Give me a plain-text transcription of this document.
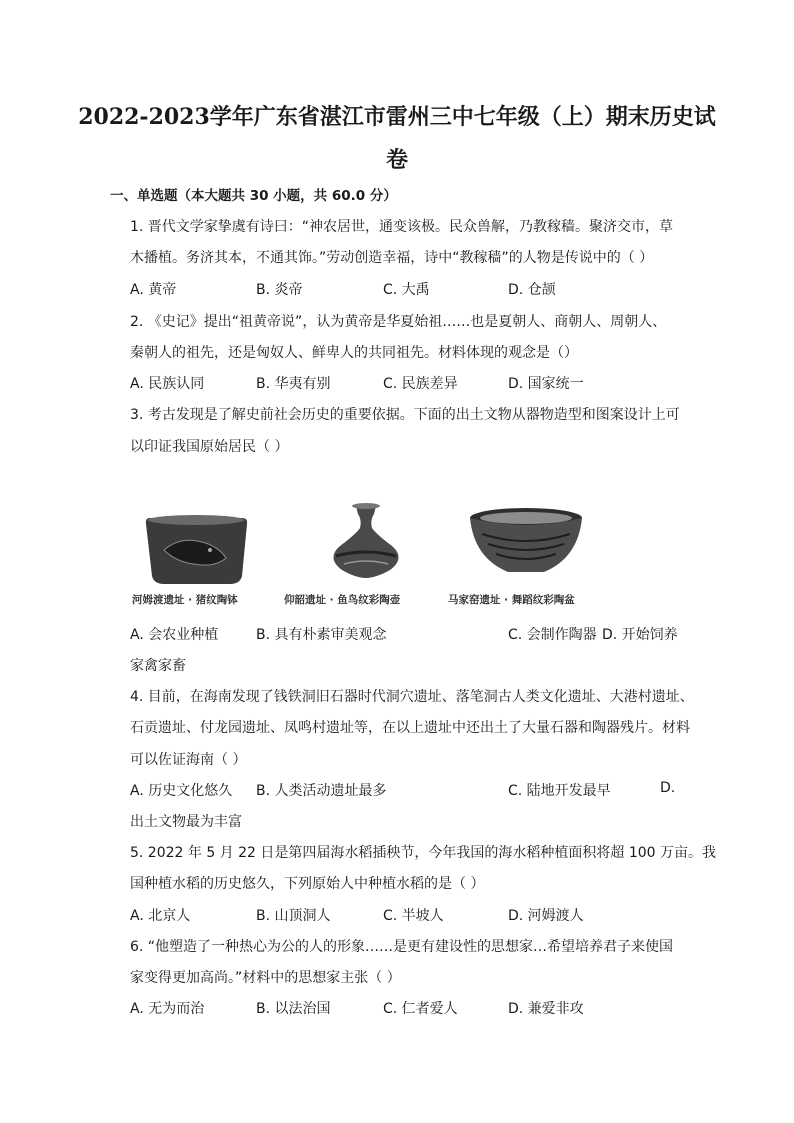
2022-2023学年广东省湛江市雷州三中七年级（上）期末历史试
卷
一、单选题（本大题共 30 小题，共 60.0 分）
1. 晋代文学家挚虞有诗曰：“神农居世，通变该极。民众兽解，乃教稼穑。聚济交市，草
木播植。务济其本，不通其饰。”劳动创造幸福，诗中“教稼穑”的人物是传说中的（ ）
A. 黄帝	B. 炎帝	C. 大禹	D. 仓颉
2. 《史记》提出“祖黄帝说”，认为黄帝是华夏始祖……也是夏朝人、商朝人、周朝人、
秦朝人的祖先，还是匈奴人、鲜卑人的共同祖先。材料体现的观念是（）
A. 民族认同	B. 华夷有别	C. 民族差异	D. 国家统一
3. 考古发现是了解史前社会历史的重要依据。下面的出土文物从器物造型和图案设计上可
以印证我国原始居民（ ）
河姆渡遗址 · 猪纹陶钵	仰韶遗址 · 鱼鸟纹彩陶壶	马家窑遗址 · 舞蹈纹彩陶盆
A. 会农业种植	B. 具有朴素审美观念	C. 会制作陶器 D. 开始饲养
家禽家畜
4. 目前，在海南发现了钱铁洞旧石器时代洞穴遗址、落笔洞古人类文化遗址、大港村遗址、
石贡遗址、付龙园遗址、凤鸣村遗址等，在以上遗址中还出土了大量石器和陶器残片。材料
可以佐证海南（ ）
A. 历史文化悠久 B. 人类活动遗址最多	C. 陆地开发最早	D.
出土文物最为丰富
5. 2022 年 5 月 22 日是第四届海水稻插秧节，今年我国的海水稻种植面积将超 100 万亩。我
国种植水稻的历史悠久，下列原始人中种植水稻的是（ ）
A. 北京人	B. 山顶洞人	C. 半坡人	D. 河姆渡人
6. “他塑造了一种热心为公的人的形象……是更有建设性的思想家…希望培养君子来使国
家变得更加高尚。”材料中的思想家主张（ ）
A. 无为而治	B. 以法治国	C. 仁者爱人	D. 兼爱非攻
